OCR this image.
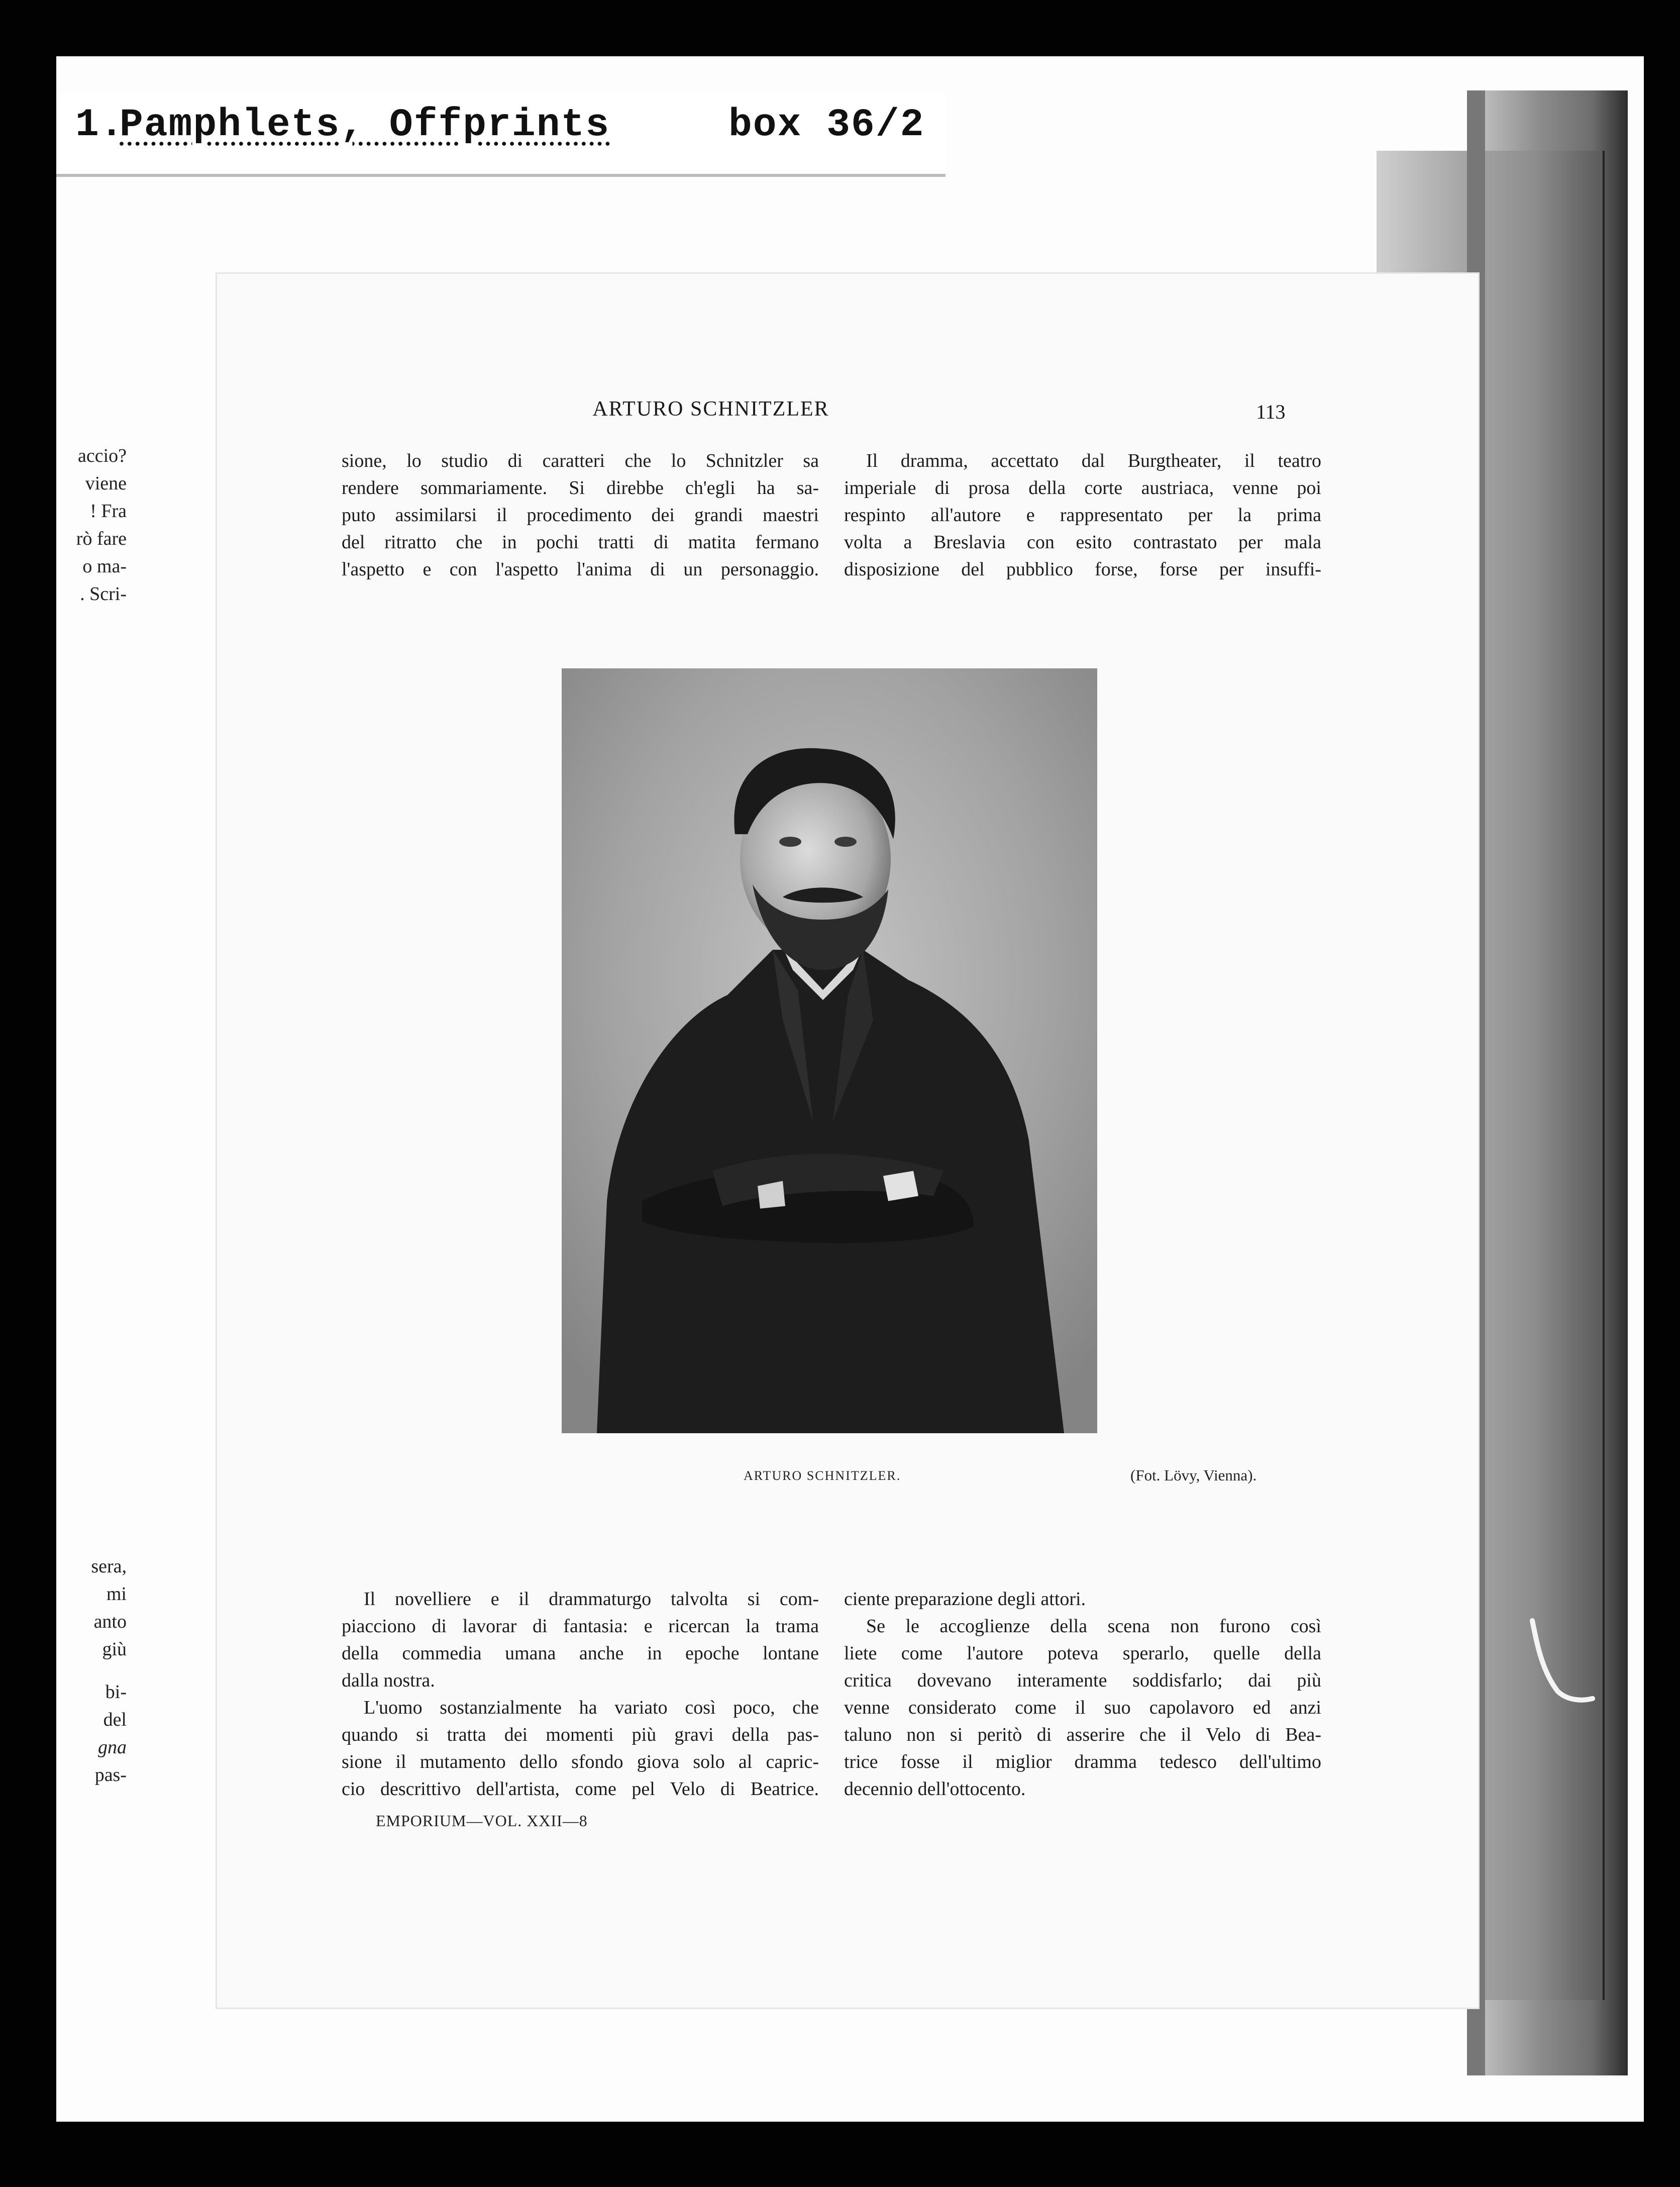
1.
Pamphlets, Offprints	box 36/2
accio?
viene
! Fra
rò fare
o ma-
. Scri-
sera,
mi
anto
giù
bi-
del
gna
pas-
ARTURO SCHNITZLER	113
sione, lo studio di caratteri che lo Schnitzler sa
rendere sommariamente. Si direbbe ch'egli ha sa-
puto assimilarsi il procedimento dei grandi maestri
del ritratto che in pochi tratti di matita fermano
l'aspetto e con l'aspetto l'anima di un personaggio.
Il dramma, accettato dal Burgtheater, il teatro
imperiale di prosa della corte austriaca, venne poi
respinto all'autore e rappresentato per la prima
volta a Breslavia con esito contrastato per mala
disposizione del pubblico forse, forse per insuffi-
ARTURO SCHNITZLER.	(Fot. Lövy, Vienna).
Il novelliere e il drammaturgo talvolta si com-
piacciono di lavorar di fantasia: e ricercan la trama
della commedia umana anche in epoche lontane
dalla nostra.
L'uomo sostanzialmente ha variato così poco, che
quando si tratta dei momenti più gravi della pas-
sione il mutamento dello sfondo giova solo al capric-
cio descrittivo dell'artista, come pel Velo di Beatrice.
ciente preparazione degli attori.
Se le accoglienze della scena non furono così
liete come l'autore poteva sperarlo, quelle della
critica dovevano interamente soddisfarlo; dai più
venne considerato come il suo capolavoro ed anzi
taluno non si peritò di asserire che il Velo di Bea-
trice fosse il miglior dramma tedesco dell'ultimo
decennio dell'ottocento.
EMPORIUM—VOL. XXII—8
